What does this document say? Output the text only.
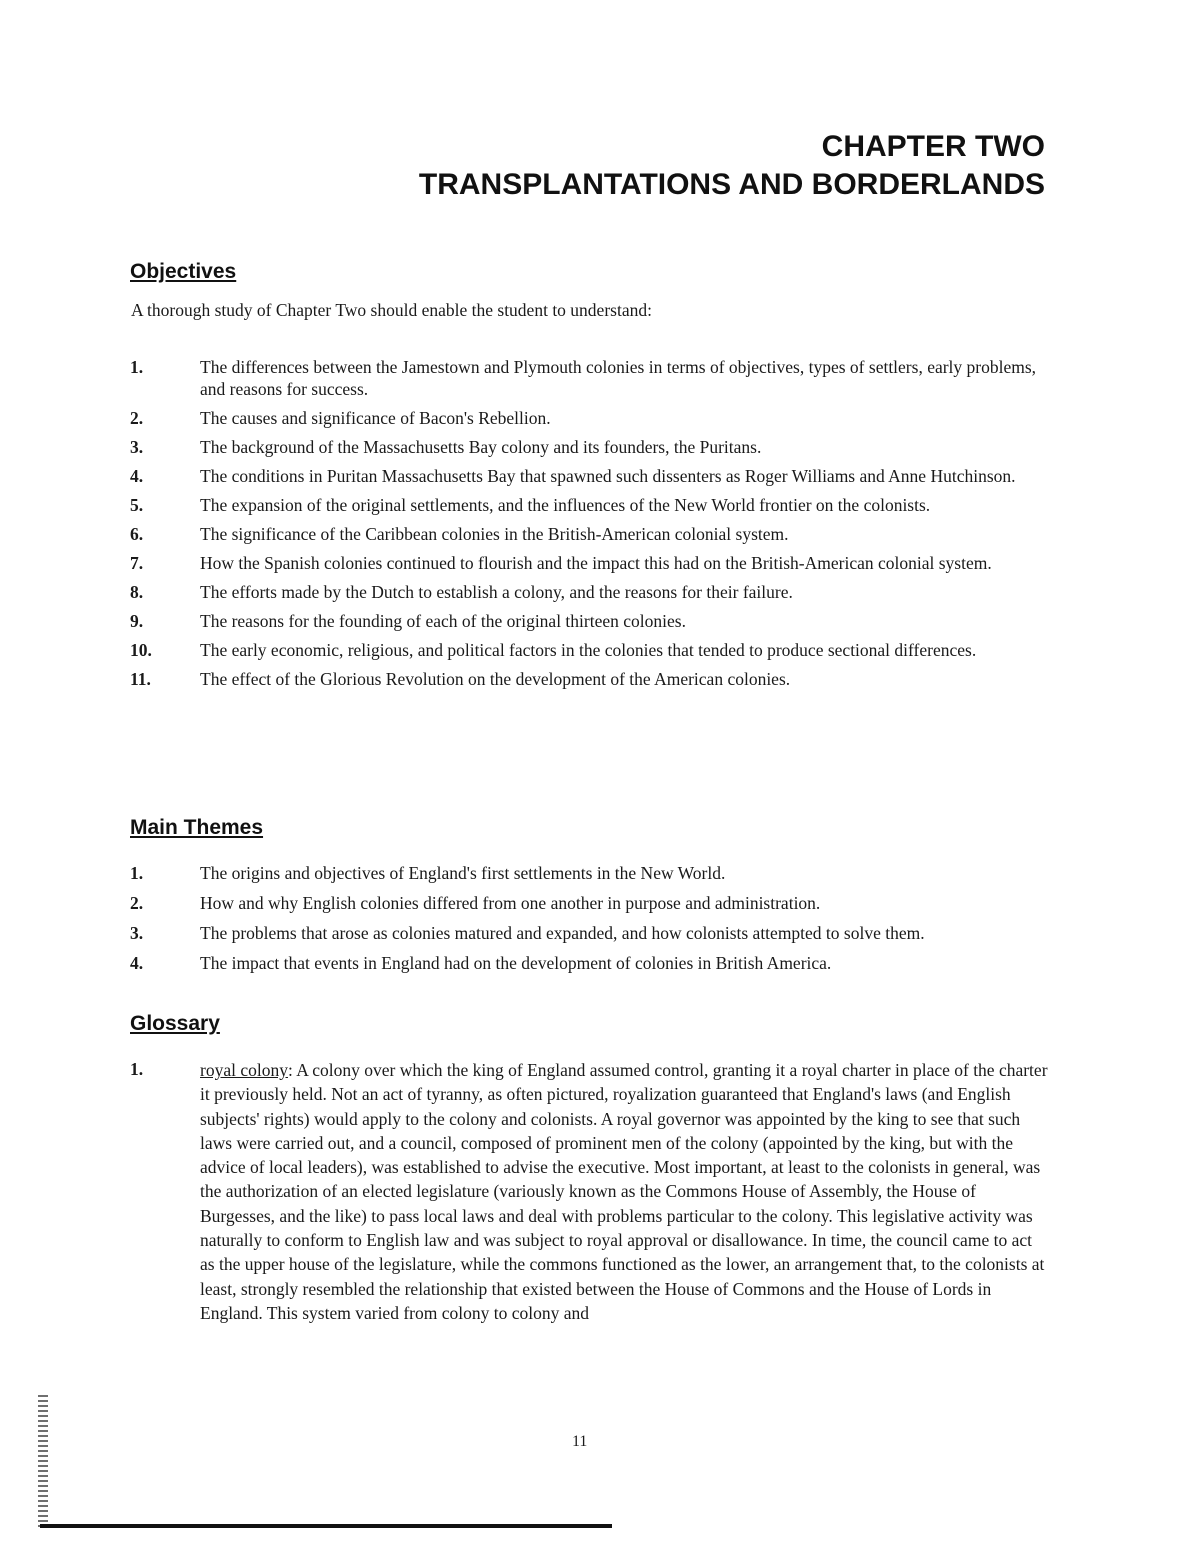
CHAPTER TWO
TRANSPLANTATIONS AND BORDERLANDS
Objectives
A thorough study of Chapter Two should enable the student to understand:
1.	The differences between the Jamestown and Plymouth colonies in terms of objectives, types of settlers, early problems, and reasons for success.
2.	The causes and significance of Bacon's Rebellion.
3.	The background of the Massachusetts Bay colony and its founders, the Puritans.
4.	The conditions in Puritan Massachusetts Bay that spawned such dissenters as Roger Williams and Anne Hutchinson.
5.	The expansion of the original settlements, and the influences of the New World frontier on the colonists.
6.	The significance of the Caribbean colonies in the British-American colonial system.
7.	How the Spanish colonies continued to flourish and the impact this had on the British-American colonial system.
8.	The efforts made by the Dutch to establish a colony, and the reasons for their failure.
9.	The reasons for the founding of each of the original thirteen colonies.
10.	The early economic, religious, and political factors in the colonies that tended to produce sectional differences.
11.	The effect of the Glorious Revolution on the development of the American colonies.
Main Themes
1.	The origins and objectives of England's first settlements in the New World.
2.	How and why English colonies differed from one another in purpose and administration.
3.	The problems that arose as colonies matured and expanded, and how colonists attempted to solve them.
4.	The impact that events in England had on the development of colonies in British America.
Glossary
1.	royal colony: A colony over which the king of England assumed control, granting it a royal charter in place of the charter it previously held. Not an act of tyranny, as often pictured, royalization guaranteed that England's laws (and English subjects' rights) would apply to the colony and colonists. A royal governor was appointed by the king to see that such laws were carried out, and a council, composed of prominent men of the colony (appointed by the king, but with the advice of local leaders), was established to advise the executive. Most important, at least to the colonists in general, was the authorization of an elected legislature (variously known as the Commons House of Assembly, the House of Burgesses, and the like) to pass local laws and deal with problems particular to the colony. This legislative activity was naturally to conform to English law and was subject to royal approval or disallowance. In time, the council came to act as the upper house of the legislature, while the commons functioned as the lower, an arrangement that, to the colonists at least, strongly resembled the relationship that existed between the House of Commons and the House of Lords in England. This system varied from colony to colony and
11
